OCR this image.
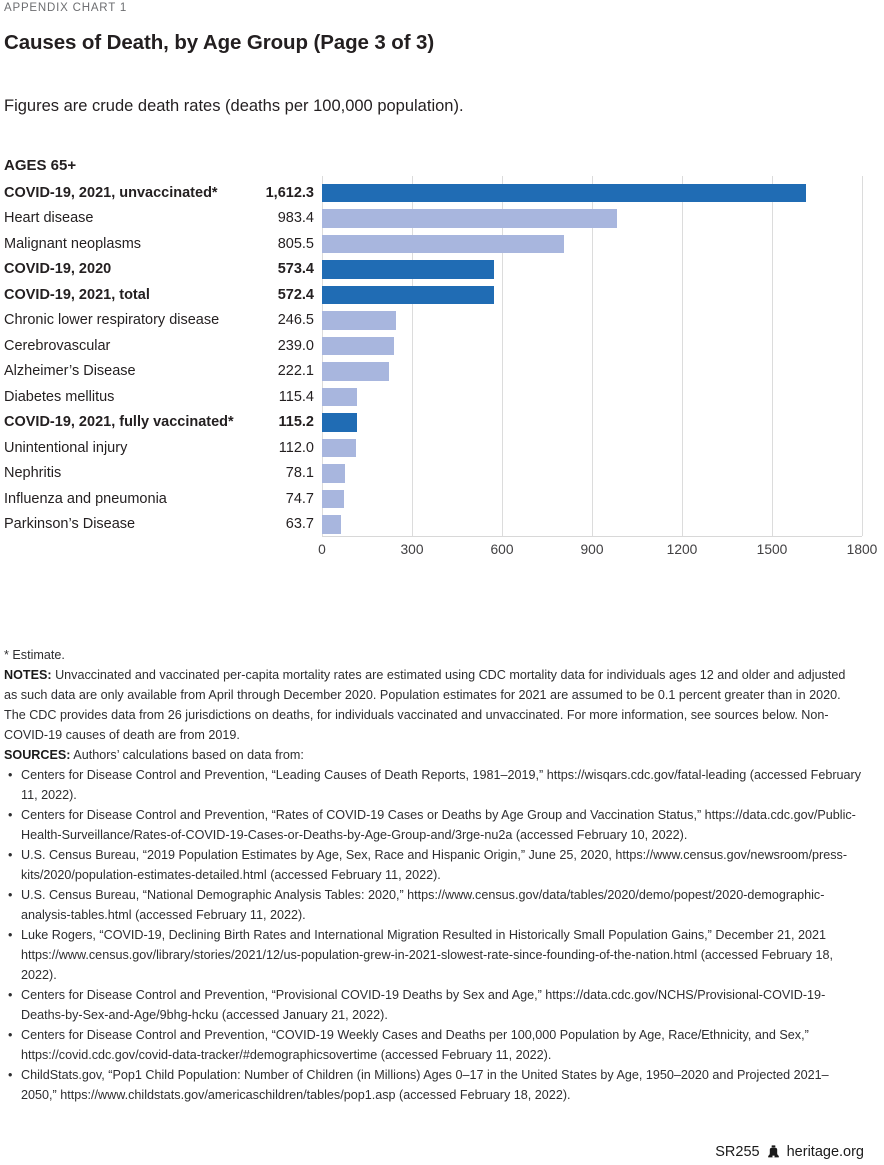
APPENDIX CHART 1
Causes of Death, by Age Group (Page 3 of 3)
Figures are crude death rates (deaths per 100,000 population).
AGES 65+
COVID-19, 2021, unvaccinated*	1,612.3
Heart disease	983.4
Malignant neoplasms	805.5
COVID-19, 2020	573.4
COVID-19, 2021, total	572.4
Chronic lower respiratory disease	246.5
Cerebrovascular	239.0
Alzheimer’s Disease	222.1
Diabetes mellitus	115.4
COVID-19, 2021, fully vaccinated*	115.2
Unintentional injury	112.0
Nephritis	78.1
Influenza and pneumonia	74.7
Parkinson’s Disease	63.7
0	300	600	900	1200	1500	1800

* Estimate.

NOTES: Unvaccinated and vaccinated per-capita mortality rates are estimated using CDC mortality data for individuals ages 12 and older and adjusted as such data are only available from April through December 2020. Population estimates for 2021 are assumed to be 0.1 percent greater than in 2020. The CDC provides data from 26 jurisdictions on deaths, for individuals vaccinated and unvaccinated. For more information, see sources below. Non-COVID-19 causes of death are from 2019.

SOURCES: Authors’ calculations based on data from:

• Centers for Disease Control and Prevention, “Leading Causes of Death Reports, 1981–2019,” https://wisqars.cdc.gov/fatal-leading (accessed February 11, 2022).
• Centers for Disease Control and Prevention, “Rates of COVID-19 Cases or Deaths by Age Group and Vaccination Status,” https://data.cdc.gov/Public-Health-Surveillance/Rates-of-COVID-19-Cases-or-Deaths-by-Age-Group-and/3rge-nu2a (accessed February 10, 2022).
• U.S. Census Bureau, “2019 Population Estimates by Age, Sex, Race and Hispanic Origin,” June 25, 2020, https://www.census.gov/newsroom/press-kits/2020/population-estimates-detailed.html (accessed February 11, 2022).
• U.S. Census Bureau, “National Demographic Analysis Tables: 2020,” https://www.census.gov/data/tables/2020/demo/popest/2020-demographic-analysis-tables.html (accessed February 11, 2022).
• Luke Rogers, “COVID-19, Declining Birth Rates and International Migration Resulted in Historically Small Population Gains,” December 21, 2021 https://www.census.gov/library/stories/2021/12/us-population-grew-in-2021-slowest-rate-since-founding-of-the-nation.html (accessed February 18, 2022).
• Centers for Disease Control and Prevention, “Provisional COVID-19 Deaths by Sex and Age,” https://data.cdc.gov/NCHS/Provisional-COVID-19-Deaths-by-Sex-and-Age/9bhg-hcku (accessed January 21, 2022).
• Centers for Disease Control and Prevention, “COVID-19 Weekly Cases and Deaths per 100,000 Population by Age, Race/Ethnicity, and Sex,” https://covid.cdc.gov/covid-data-tracker/#demographicsovertime (accessed February 11, 2022).
• ChildStats.gov, “Pop1 Child Population: Number of Children (in Millions) Ages 0–17 in the United States by Age, 1950–2020 and Projected 2021–2050,” https://www.childstats.gov/americaschildren/tables/pop1.asp (accessed February 18, 2022).
SR255 heritage.org
